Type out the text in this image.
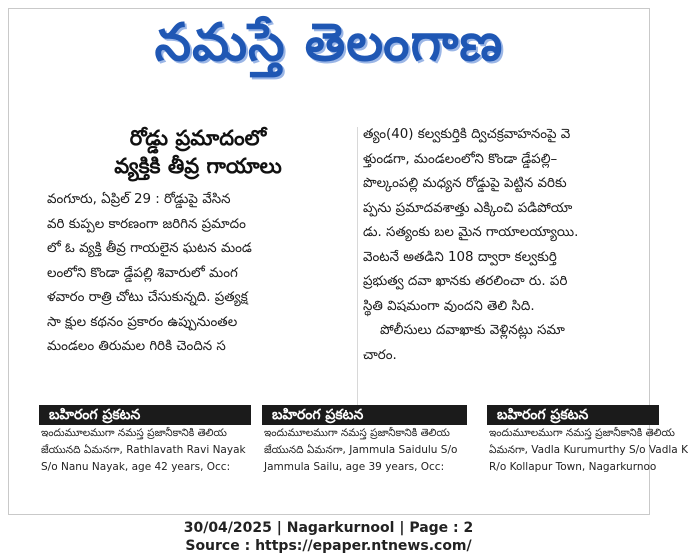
నమస్తే తెలంగాణ
రోడ్డు ప్రమాదంలో
వ్యక్తికి తీవ్ర గాయాలు
వంగూరు, ఏప్రిల్ 29 : రోడ్డుపై వేసిన
వరి కుప్పల కారణంగా జరిగిన ప్రమాదం
లో ఓ వ్యక్తి తీవ్ర గాయలైన ఘటన మండ
లంలోని కొండా డ్డేపల్లి శివారులో మంగ
ళవారం రాత్రి చోటు చేసుకున్నది. ప్రత్యక్ష
సా క్షుల కథనం ప్రకారం ఉప్పునుంతల
మండలం తిరుమల గిరికి చెందిన స
త్యం(40) కల్వకుర్తికి ద్విచక్రవాహనంపై వె
ళ్తుండగా, మండలంలోని కొండా డ్డేపల్లి–
పొల్కంపల్లి మధ్యన రోడ్డుపై పెట్టిన వరికు
ప్పను ప్రమాదవశాత్తు ఎక్కించి పడిపోయా
డు. సత్యంకు బల మైన గాయాలయ్యాయి.
వెంటనే అతడిని 108 ద్వారా కల్వకుర్తి
ప్రభుత్వ దవా ఖానకు తరలించా రు. పరి
స్థితి విషమంగా వుందని తెలి సిది.
పోలీసులు దవాఖాకు వెళ్లినట్లు సమా
చారం.
బహిరంగ ప్రకటన
ఇందుమూలముగా నమస్త ప్రజానీకానికి తెలియ
జేయునది ఏమనగా, Rathlavath Ravi Nayak
S/o Nanu Nayak, age 42 years, Occ:
బహిరంగ ప్రకటన
ఇందుమూలముగా నమస్త ప్రజానీకానికి తెలియ
జేయునది ఏమనగా, Jammula Saidulu S/o
Jammula Sailu, age 39 years, Occ:
బహిరంగ ప్రకటన
ఇందుమూలముగా నమస్త ప్రజానీకానికి తెలియ
ఏమనగా, Vadla Kurumurthy S/o Vadla K
R/o Kollapur Town, Nagarkurnoo
30/04/2025 | Nagarkurnool | Page : 2
Source : https://epaper.ntnews.com/
